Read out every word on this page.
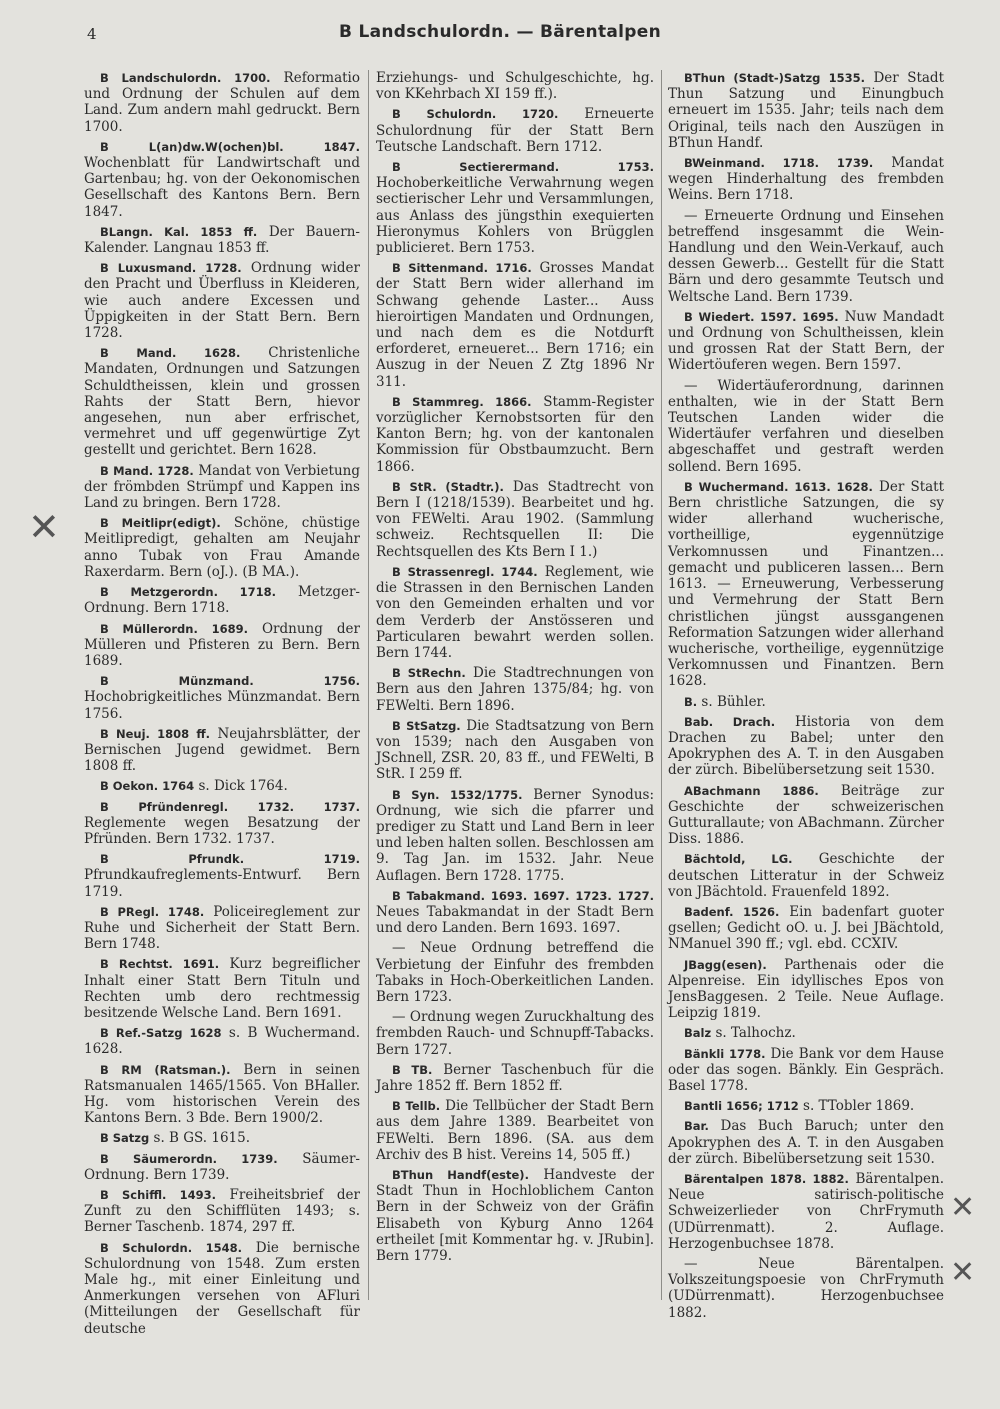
4	B Landschulordn. — Bärentalpen

B Landschulordn. 1700. Reformatio und Ordnung der Schulen auf dem Land. Zum andern mahl gedruckt. Bern 1700.

B L(an)dw.W(ochen)bl. 1847. Wochenblatt für Landwirtschaft und Gartenbau; hg. von der Oekonomischen Gesellschaft des Kantons Bern. Bern 1847.

BLangn. Kal. 1853 ff. Der Bauern-Kalender. Langnau 1853 ff.

B Luxusmand. 1728. Ordnung wider den Pracht und Überfluss in Kleideren, wie auch andere Excessen und Üppigkeiten in der Statt Bern. Bern 1728.

B Mand. 1628. Christenliche Mandaten, Ordnungen und Satzungen Schuldtheissen, klein und grossen Rahts der Statt Bern, hievor angesehen, nun aber erfrischet, vermehret und uff gegenwürtige Zyt gestellt und gerichtet. Bern 1628.

B Mand. 1728. Mandat von Verbietung der frömbden Strümpf und Kappen ins Land zu bringen. Bern 1728.

B Meitlipr(edigt). Schöne, chüstige Meitlipredigt, gehalten am Neujahr anno Tubak von Frau Amande Raxerdarm. Bern (oJ.). (B MA.).

B Metzgerordn. 1718. Metzger-Ordnung. Bern 1718.

B Müllerordn. 1689. Ordnung der Mülleren und Pfisteren zu Bern. Bern 1689.

B Münzmand. 1756. Hochobrigkeitliches Münzmandat. Bern 1756.

B Neuj. 1808 ff. Neujahrsblätter, der Bernischen Jugend gewidmet. Bern 1808 ff.

B Oekon. 1764 s. Dick 1764.

B Pfründenregl. 1732. 1737. Reglemente wegen Besatzung der Pfründen. Bern 1732. 1737.

B Pfrundk. 1719. Pfrundkaufreglements-Entwurf. Bern 1719.

B PRegl. 1748. Policeireglement zur Ruhe und Sicherheit der Statt Bern. Bern 1748.

B Rechtst. 1691. Kurz begreiflicher Inhalt einer Statt Bern Tituln und Rechten umb dero rechtmessig besitzende Welsche Land. Bern 1691.

B Ref.-Satzg 1628 s. B Wuchermand. 1628.

B RM (Ratsman.). Bern in seinen Ratsmanualen 1465/1565. Von BHaller. Hg. vom historischen Verein des Kantons Bern. 3 Bde. Bern 1900/2.

B Satzg s. B GS. 1615.

B Säumerordn. 1739. Säumer-Ordnung. Bern 1739.

B Schiffl. 1493. Freiheitsbrief der Zunft zu den Schifflüten 1493; s. Berner Taschenb. 1874, 297 ff.

B Schulordn. 1548. Die bernische Schulordnung von 1548. Zum ersten Male hg., mit einer Einleitung und Anmerkungen versehen von AFluri (Mitteilungen der Gesellschaft für deutsche

Erziehungs- und Schulgeschichte, hg. von KKehrbach XI 159 ff.).

B Schulordn. 1720. Erneuerte Schulordnung für der Statt Bern Teutsche Landschaft. Bern 1712.

B Sectierermand. 1753. Hochoberkeitliche Verwahrnung wegen sectierischer Lehr und Versammlungen, aus Anlass des jüngsthin exequierten Hieronymus Kohlers von Brügglen publicieret. Bern 1753.

B Sittenmand. 1716. Grosses Mandat der Statt Bern wider allerhand im Schwang gehende Laster... Auss hieroirtigen Mandaten und Ordnungen, und nach dem es die Notdurft erforderet, erneueret... Bern 1716; ein Auszug in der Neuen Z Ztg 1896 Nr 311.

B Stammreg. 1866. Stamm-Register vorzüglicher Kernobstsorten für den Kanton Bern; hg. von der kantonalen Kommission für Obstbaumzucht. Bern 1866.

B StR. (Stadtr.). Das Stadtrecht von Bern I (1218/1539). Bearbeitet und hg. von FEWelti. Arau 1902. (Sammlung schweiz. Rechtsquellen II: Die Rechtsquellen des Kts Bern I 1.)

B Strassenregl. 1744. Reglement, wie die Strassen in den Bernischen Landen von den Gemeinden erhalten und vor dem Verderb der Anstösseren und Particularen bewahrt werden sollen. Bern 1744.

B StRechn. Die Stadtrechnungen von Bern aus den Jahren 1375/84; hg. von FEWelti. Bern 1896.

B StSatzg. Die Stadtsatzung von Bern von 1539; nach den Ausgaben von JSchnell, ZSR. 20, 83 ff., und FEWelti, B StR. I 259 ff.

B Syn. 1532/1775. Berner Synodus: Ordnung, wie sich die pfarrer und prediger zu Statt und Land Bern in leer und leben halten sollen. Beschlossen am 9. Tag Jan. im 1532. Jahr. Neue Auflagen. Bern 1728. 1775.

B Tabakmand. 1693. 1697. 1723. 1727. Neues Tabakmandat in der Stadt Bern und dero Landen. Bern 1693. 1697.

— Neue Ordnung betreffend die Verbietung der Einfuhr des frembden Tabaks in Hoch-Oberkeitlichen Landen. Bern 1723.

— Ordnung wegen Zuruckhaltung des frembden Rauch- und Schnupff-Tabacks. Bern 1727.

B TB. Berner Taschenbuch für die Jahre 1852 ff. Bern 1852 ff.

B Tellb. Die Tellbücher der Stadt Bern aus dem Jahre 1389. Bearbeitet von FEWelti. Bern 1896. (SA. aus dem Archiv des B hist. Vereins 14, 505 ff.)

BThun Handf(este). Handveste der Stadt Thun in Hochloblichem Canton Bern in der Schweiz von der Gräfin Elisabeth von Kyburg Anno 1264 ertheilet [mit Kommentar hg. v. JRubin]. Bern 1779.

BThun (Stadt-)Satzg 1535. Der Stadt Thun Satzung und Einungbuch erneuert im 1535. Jahr; teils nach dem Original, teils nach den Auszügen in BThun Handf.

BWeinmand. 1718. 1739. Mandat wegen Hinderhaltung des frembden Weins. Bern 1718.

— Erneuerte Ordnung und Einsehen betreffend insgesammt die Wein-Handlung und den Wein-Verkauf, auch dessen Gewerb... Gestellt für die Statt Bärn und dero gesammte Teutsch und Weltsche Land. Bern 1739.

B Wiedert. 1597. 1695. Nuw Mandadt und Ordnung von Schultheissen, klein und grossen Rat der Statt Bern, der Widertöuferen wegen. Bern 1597.

— Widertäuferordnung, darinnen enthalten, wie in der Statt Bern Teutschen Landen wider die Widertäufer verfahren und dieselben abgeschaffet und gestraft werden sollend. Bern 1695.

B Wuchermand. 1613. 1628. Der Statt Bern christliche Satzungen, die sy wider allerhand wucherische, vortheillige, eygennützige Verkomnussen und Finantzen... gemacht und publiceren lassen... Bern 1613. — Erneuwerung, Verbesserung und Vermehrung der Statt Bern christlichen jüngst aussgangenen Reformation Satzungen wider allerhand wucherische, vortheilige, eygennützige Verkomnussen und Finantzen. Bern 1628.

B. s. Bühler.

Bab. Drach. Historia von dem Drachen zu Babel; unter den Apokryphen des A. T. in den Ausgaben der zürch. Bibelübersetzung seit 1530.

ABachmann 1886. Beiträge zur Geschichte der schweizerischen Gutturallaute; von ABachmann. Zürcher Diss. 1886.

Bächtold, LG. Geschichte der deutschen Litteratur in der Schweiz von JBächtold. Frauenfeld 1892.

Badenf. 1526. Ein badenfart guoter gsellen; Gedicht oO. u. J. bei JBächtold, NManuel 390 ff.; vgl. ebd. CCXIV.

JBagg(esen). Parthenais oder die Alpenreise. Ein idyllisches Epos von JensBaggesen. 2 Teile. Neue Auflage. Leipzig 1819.

Balz s. Talhochz.

Bänkli 1778. Die Bank vor dem Hause oder das sogen. Bänkly. Ein Gespräch. Basel 1778.

Bantli 1656; 1712 s. TTobler 1869.

Bar. Das Buch Baruch; unter den Apokryphen des A. T. in den Ausgaben der zürch. Bibelübersetzung seit 1530.

Bärentalpen 1878. 1882. Bärentalpen. Neue satirisch-politische Schweizerlieder von ChrFrymuth (UDürrenmatt). 2. Auflage. Herzogenbuchsee 1878.

— Neue Bärentalpen. Volkszeitungspoesie von ChrFrymuth (UDürrenmatt). Herzogenbuchsee 1882.

✕
✕
✕
